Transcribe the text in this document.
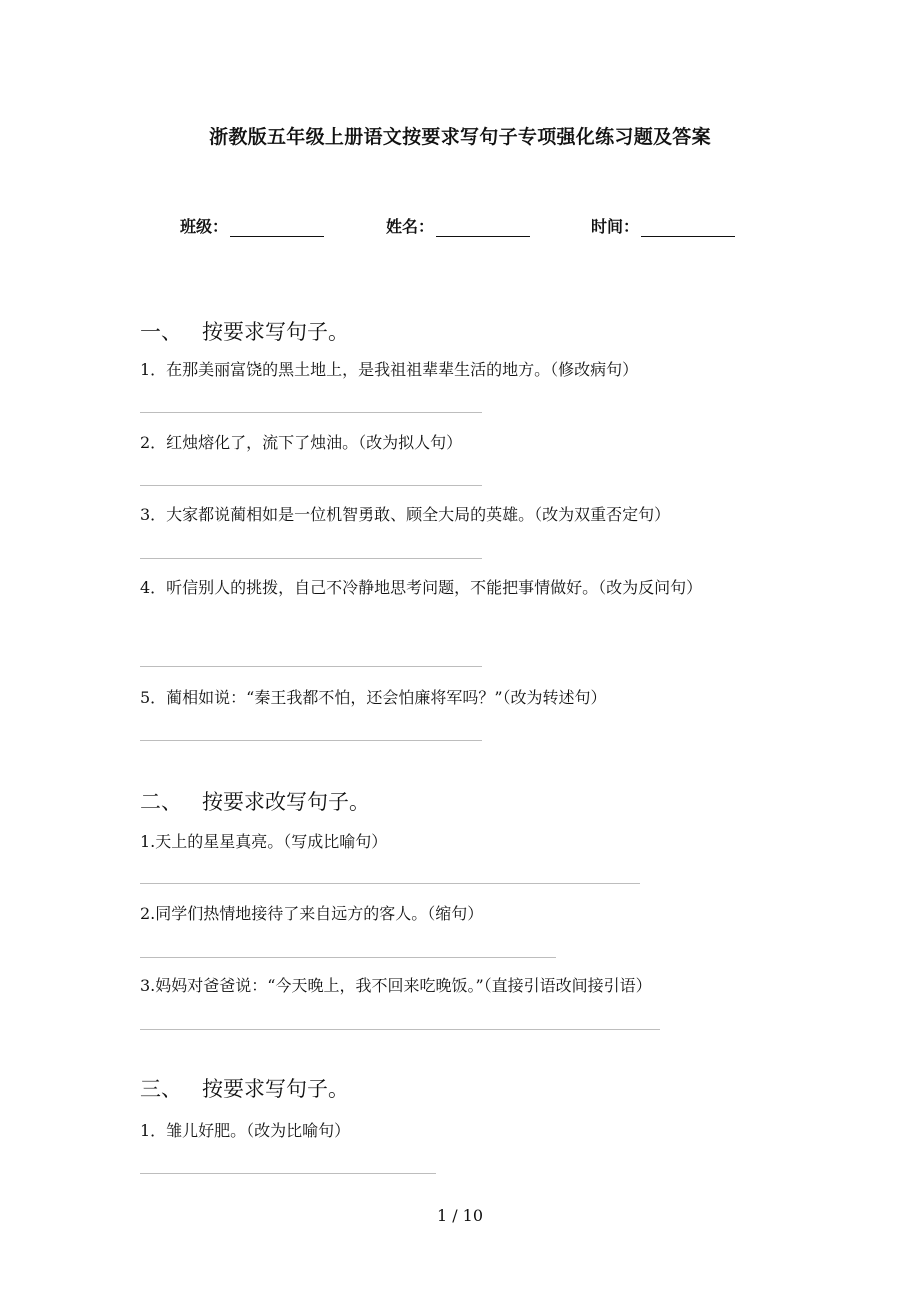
浙教版五年级上册语文按要求写句子专项强化练习题及答案
班级：	姓名：	时间：
一、 按要求写句子。
1．在那美丽富饶的黑土地上，是我祖祖辈辈生活的地方。（修改病句）
2．红烛熔化了，流下了烛油。（改为拟人句）
3．大家都说蔺相如是一位机智勇敢、顾全大局的英雄。（改为双重否定句）
4．听信别人的挑拨，自己不冷静地思考问题，不能把事情做好。（改为反问句）
5．蔺相如说：“秦王我都不怕，还会怕廉将军吗？”（改为转述句）
二、 按要求改写句子。
1.天上的星星真亮。（写成比喻句）
2.同学们热情地接待了来自远方的客人。（缩句）
3.妈妈对爸爸说：“今天晚上，我不回来吃晚饭。”（直接引语改间接引语）
三、 按要求写句子。
1．雏儿好肥。（改为比喻句）
1 / 10
